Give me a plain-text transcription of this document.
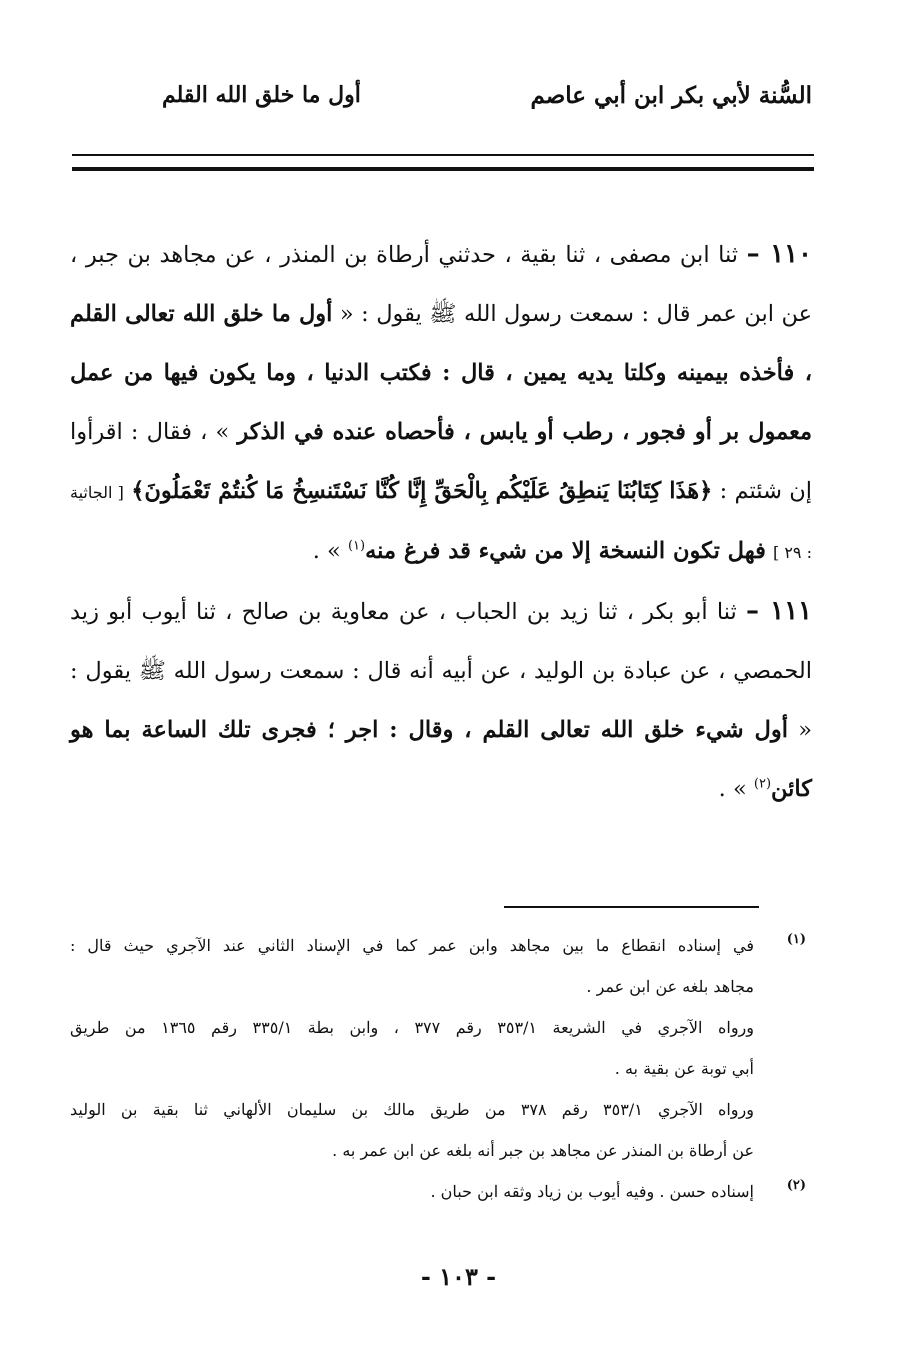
السُّنة لأبي بكر ابن أبي عاصم
أول ما خلق الله القلم

١١٠ – ثنا ابن مصفى ، ثنا بقية ، حدثني أرطاة بن المنذر ، عن مجاهد بن جبر ، عن ابن عمر قال : سمعت رسول الله ﷺ يقول : « أول ما خلق الله تعالى القلم ، فأخذه بيمينه وكلتا يديه يمين ، قال : فكتب الدنيا ، وما يكون فيها من عمل معمول بر أو فجور ، رطب أو يابس ، فأحصاه عنده في الذكر » ، فقال : اقرأوا إن شئتم : ﴿هَذَا كِتَابُنَا يَنطِقُ عَلَيْكُم بِالْحَقِّ إِنَّا كُنَّا نَسْتَنسِخُ مَا كُنتُمْ تَعْمَلُونَ﴾ [ الجاثية : ٢٩ ] فهل تكون النسخة إلا من شيء قد فرغ منه$^{(١)}$ » .

١١١ – ثنا أبو بكر ، ثنا زيد بن الحباب ، عن معاوية بن صالح ، ثنا أيوب أبو زيد الحمصي ، عن عبادة بن الوليد ، عن أبيه أنه قال : سمعت رسول الله ﷺ يقول : « أول شيء خلق الله تعالى القلم ، وقال : اجر ؛ فجرى تلك الساعة بما هو كائن$^{(٢)}$ » .

(١)
في إسناده انقطاع ما بين مجاهد وابن عمر كما في الإسناد الثاني عند الآجري حيث قال :
مجاهد بلغه عن ابن عمر .
ورواه الآجري في الشريعة ٣٥٣/١ رقم ٣٧٧ ، وابن بطة ٣٣٥/١ رقم ١٣٦٥ من طريق
أبي توبة عن بقية به .
ورواه الآجري ٣٥٣/١ رقم ٣٧٨ من طريق مالك بن سليمان الألهاني ثنا بقية بن الوليد
عن أرطاة بن المنذر عن مجاهد بن جبر أنه بلغه عن ابن عمر به .
(٢)
إسناده حسن . وفيه أيوب بن زياد وثقه ابن حبان .
- ١٠٣ -
